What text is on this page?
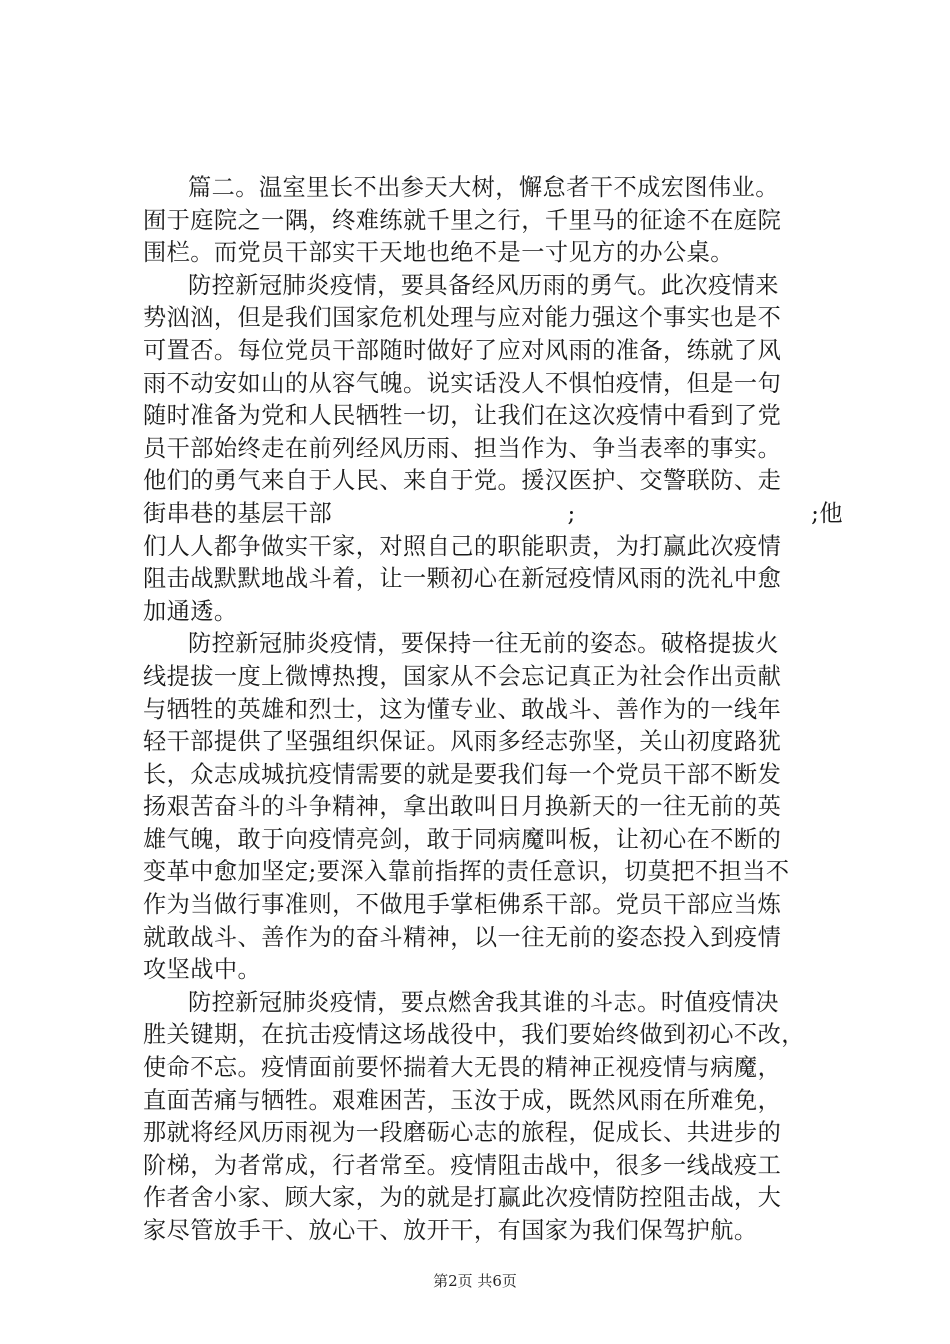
篇二。温室里长不出参天大树，懈怠者干不成宏图伟业。
囿于庭院之一隅，终难练就千里之行，千里马的征途不在庭院
围栏。而党员干部实干天地也绝不是一寸见方的办公桌。
防控新冠肺炎疫情，要具备经风历雨的勇气。此次疫情来
势汹汹，但是我们国家危机处理与应对能力强这个事实也是不
可置否。每位党员干部随时做好了应对风雨的准备，练就了风
雨不动安如山的从容气魄。说实话没人不惧怕疫情，但是一句
随时准备为党和人民牺牲一切，让我们在这次疫情中看到了党
员干部始终走在前列经风历雨、担当作为、争当表率的事实。
他们的勇气来自于人民、来自于党。援汉医护、交警联防、走
街串巷的基层干部	;	;他
们人人都争做实干家，对照自己的职能职责，为打赢此次疫情
阻击战默默地战斗着，让一颗初心在新冠疫情风雨的洗礼中愈
加通透。
防控新冠肺炎疫情，要保持一往无前的姿态。破格提拔火
线提拔一度上微博热搜，国家从不会忘记真正为社会作出贡献
与牺牲的英雄和烈士，这为懂专业、敢战斗、善作为的一线年
轻干部提供了坚强组织保证。风雨多经志弥坚，关山初度路犹
长，众志成城抗疫情需要的就是要我们每一个党员干部不断发
扬艰苦奋斗的斗争精神，拿出敢叫日月换新天的一往无前的英
雄气魄，敢于向疫情亮剑，敢于同病魔叫板，让初心在不断的
变革中愈加坚定;要深入靠前指挥的责任意识，切莫把不担当不
作为当做行事准则，不做甩手掌柜佛系干部。党员干部应当炼
就敢战斗、善作为的奋斗精神，以一往无前的姿态投入到疫情
攻坚战中。
防控新冠肺炎疫情，要点燃舍我其谁的斗志。时值疫情决
胜关键期，在抗击疫情这场战役中，我们要始终做到初心不改，
使命不忘。疫情面前要怀揣着大无畏的精神正视疫情与病魔，
直面苦痛与牺牲。艰难困苦，玉汝于成，既然风雨在所难免，
那就将经风历雨视为一段磨砺心志的旅程，促成长、共进步的
阶梯，为者常成，行者常至。疫情阻击战中，很多一线战疫工
作者舍小家、顾大家，为的就是打赢此次疫情防控阻击战，大
家尽管放手干、放心干、放开干，有国家为我们保驾护航。
第2页 共6页
